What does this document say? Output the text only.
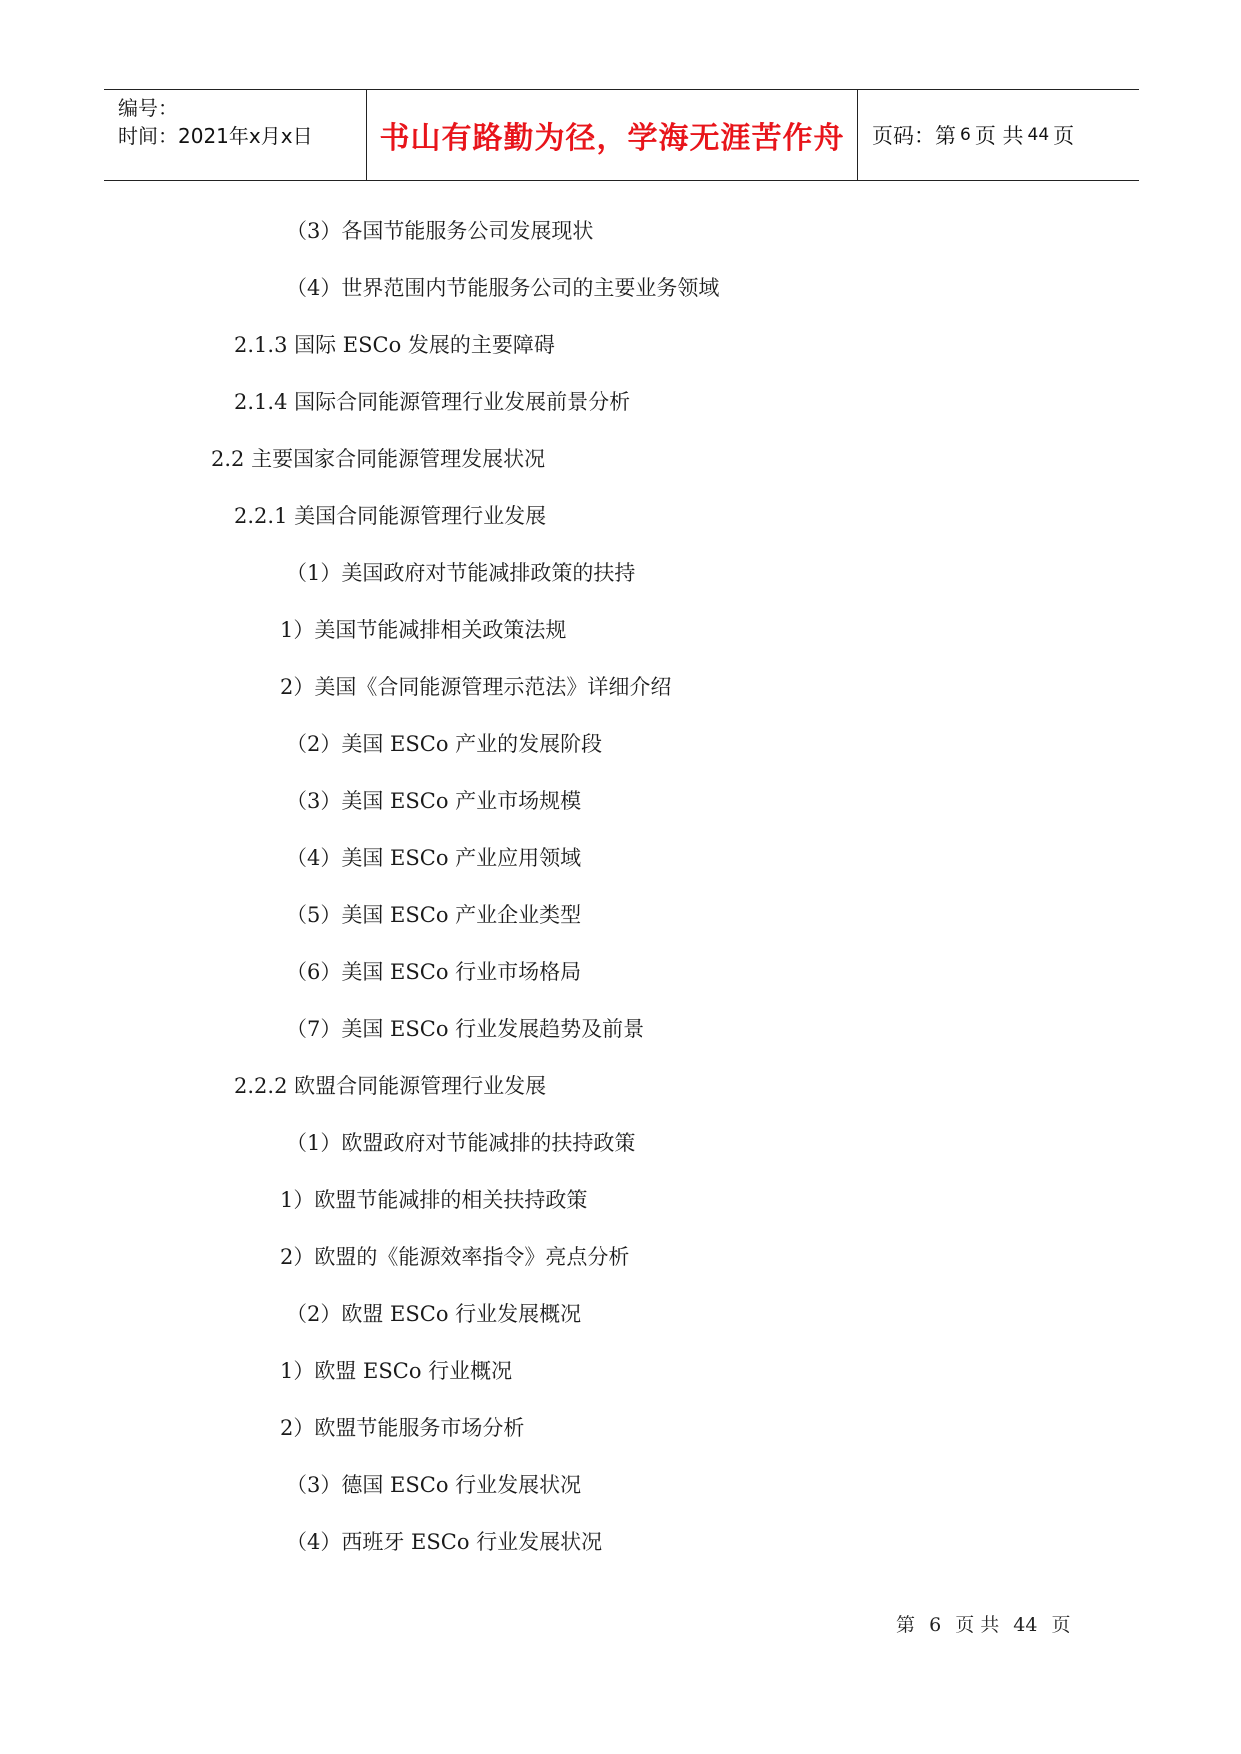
编号：
时间：2021年x月x日	书山有路勤为径，学海无涯苦作舟 页码：第 6 页 共 44 页
（3）各国节能服务公司发展现状
（4）世界范围内节能服务公司的主要业务领域
2.1.3 国际 ESCo 发展的主要障碍
2.1.4 国际合同能源管理行业发展前景分析
2.2 主要国家合同能源管理发展状况
2.2.1 美国合同能源管理行业发展
（1）美国政府对节能减排政策的扶持
1）美国节能减排相关政策法规
2）美国《合同能源管理示范法》详细介绍
（2）美国 ESCo 产业的发展阶段
（3）美国 ESCo 产业市场规模
（4）美国 ESCo 产业应用领域
（5）美国 ESCo 产业企业类型
（6）美国 ESCo 行业市场格局
（7）美国 ESCo 行业发展趋势及前景
2.2.2 欧盟合同能源管理行业发展
（1）欧盟政府对节能减排的扶持政策
1）欧盟节能减排的相关扶持政策
2）欧盟的《能源效率指令》亮点分析
（2）欧盟 ESCo 行业发展概况
1）欧盟 ESCo 行业概况
2）欧盟节能服务市场分析
（3）德国 ESCo 行业发展状况
（4）西班牙 ESCo 行业发展状况
第 6 页 共 44 页
